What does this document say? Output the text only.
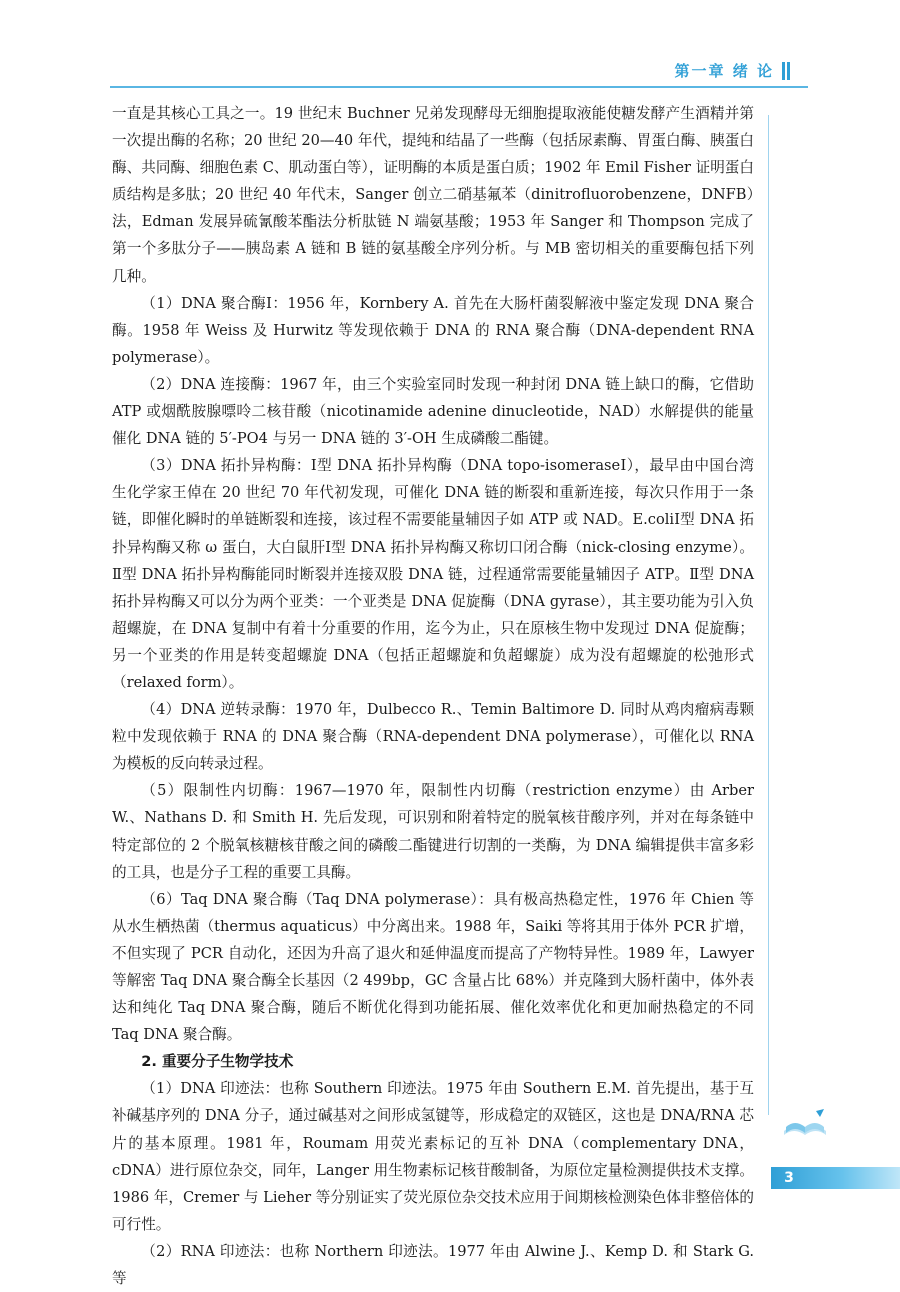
第一章 绪 论

一直是其核心工具之一。19 世纪末 Buchner 兄弟发现酵母无细胞提取液能使糖发酵产生酒精并第一次提出酶的名称；20 世纪 20—40 年代，提纯和结晶了一些酶（包括尿素酶、胃蛋白酶、胰蛋白酶、共同酶、细胞色素 C、肌动蛋白等），证明酶的本质是蛋白质；1902 年 Emil Fisher 证明蛋白质结构是多肽；20 世纪 40 年代末，Sanger 创立二硝基氟苯（dinitrofluorobenzene，DNFB）法，Edman 发展异硫氰酸苯酯法分析肽链 N 端氨基酸；1953 年 Sanger 和 Thompson 完成了第一个多肽分子——胰岛素 A 链和 B 链的氨基酸全序列分析。与 MB 密切相关的重要酶包括下列几种。

（1）DNA 聚合酶Ⅰ：1956 年，Kornbery A. 首先在大肠杆菌裂解液中鉴定发现 DNA 聚合酶。1958 年 Weiss 及 Hurwitz 等发现依赖于 DNA 的 RNA 聚合酶（DNA-dependent RNA polymerase）。

（2）DNA 连接酶：1967 年，由三个实验室同时发现一种封闭 DNA 链上缺口的酶，它借助 ATP 或烟酰胺腺嘌呤二核苷酸（nicotinamide adenine dinucleotide，NAD）水解提供的能量催化 DNA 链的 5′-PO4 与另一 DNA 链的 3′-OH 生成磷酸二酯键。

（3）DNA 拓扑异构酶：Ⅰ型 DNA 拓扑异构酶（DNA topo-isomeraseⅠ），最早由中国台湾生化学家王倬在 20 世纪 70 年代初发现，可催化 DNA 链的断裂和重新连接，每次只作用于一条链，即催化瞬时的单链断裂和连接，该过程不需要能量辅因子如 ATP 或 NAD。E.coliⅠ型 DNA 拓扑异构酶又称 ω 蛋白，大白鼠肝Ⅰ型 DNA 拓扑异构酶又称切口闭合酶（nick-closing enzyme）。Ⅱ型 DNA 拓扑异构酶能同时断裂并连接双股 DNA 链，过程通常需要能量辅因子 ATP。Ⅱ型 DNA 拓扑异构酶又可以分为两个亚类：一个亚类是 DNA 促旋酶（DNA gyrase），其主要功能为引入负超螺旋，在 DNA 复制中有着十分重要的作用，迄今为止，只在原核生物中发现过 DNA 促旋酶；另一个亚类的作用是转变超螺旋 DNA（包括正超螺旋和负超螺旋）成为没有超螺旋的松弛形式（relaxed form）。

（4）DNA 逆转录酶：1970 年，Dulbecco R.、Temin Baltimore D. 同时从鸡肉瘤病毒颗粒中发现依赖于 RNA 的 DNA 聚合酶（RNA-dependent DNA polymerase），可催化以 RNA 为模板的反向转录过程。

（5）限制性内切酶：1967—1970 年，限制性内切酶（restriction enzyme）由 Arber W.、Nathans D. 和 Smith H. 先后发现，可识别和附着特定的脱氧核苷酸序列，并对在每条链中特定部位的 2 个脱氧核糖核苷酸之间的磷酸二酯键进行切割的一类酶，为 DNA 编辑提供丰富多彩的工具，也是分子工程的重要工具酶。

（6）Taq DNA 聚合酶（Taq DNA polymerase）：具有极高热稳定性，1976 年 Chien 等从水生栖热菌（thermus aquaticus）中分离出来。1988 年，Saiki 等将其用于体外 PCR 扩增，不但实现了 PCR 自动化，还因为升高了退火和延伸温度而提高了产物特异性。1989 年，Lawyer 等解密 Taq DNA 聚合酶全长基因（2 499bp，GC 含量占比 68%）并克隆到大肠杆菌中，体外表达和纯化 Taq DNA 聚合酶，随后不断优化得到功能拓展、催化效率优化和更加耐热稳定的不同 Taq DNA 聚合酶。

2. 重要分子生物学技术

（1）DNA 印迹法：也称 Southern 印迹法。1975 年由 Southern E.M. 首先提出，基于互补碱基序列的 DNA 分子，通过碱基对之间形成氢键等，形成稳定的双链区，这也是 DNA/RNA 芯片的基本原理。1981 年，Roumam 用荧光素标记的互补 DNA（complementary DNA，cDNA）进行原位杂交，同年，Langer 用生物素标记核苷酸制备，为原位定量检测提供技术支撑。1986 年，Cremer 与 Lieher 等分别证实了荧光原位杂交技术应用于间期核检测染色体非整倍体的可行性。

（2）RNA 印迹法：也称 Northern 印迹法。1977 年由 Alwine J.、Kemp D. 和 Stark G. 等

3
